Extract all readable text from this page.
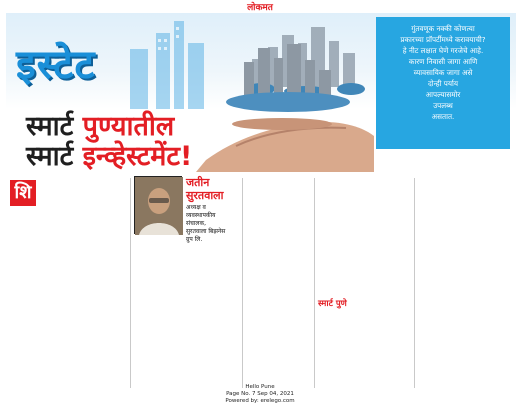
लोकमत
इस्टेट
गुंतवणूक नक्की कोणत्या
प्रकारच्या प्रॉपर्टीमध्ये करावयाची?
हे नीट लक्षात घेणे गरजेचे आहे.
कारण निवासी जागा आणि
व्यावसायिक जागा असे
दोन्ही पर्याय
आपल्यासमोर
उपलब्ध
असतात.
स्मार्ट पुण्यातील
स्मार्ट इन्व्हेस्टमेंट!
शि	जतीन
सुरतवाला
अध्यक्ष व
व्यवस्थापकीय
संचालक,
सुरतवाला बिझनेस
ग्रुप लि.
स्मार्ट पुणे
Hello Pune
Page No. 7 Sep 04, 2021
Powered by: erelego.com
